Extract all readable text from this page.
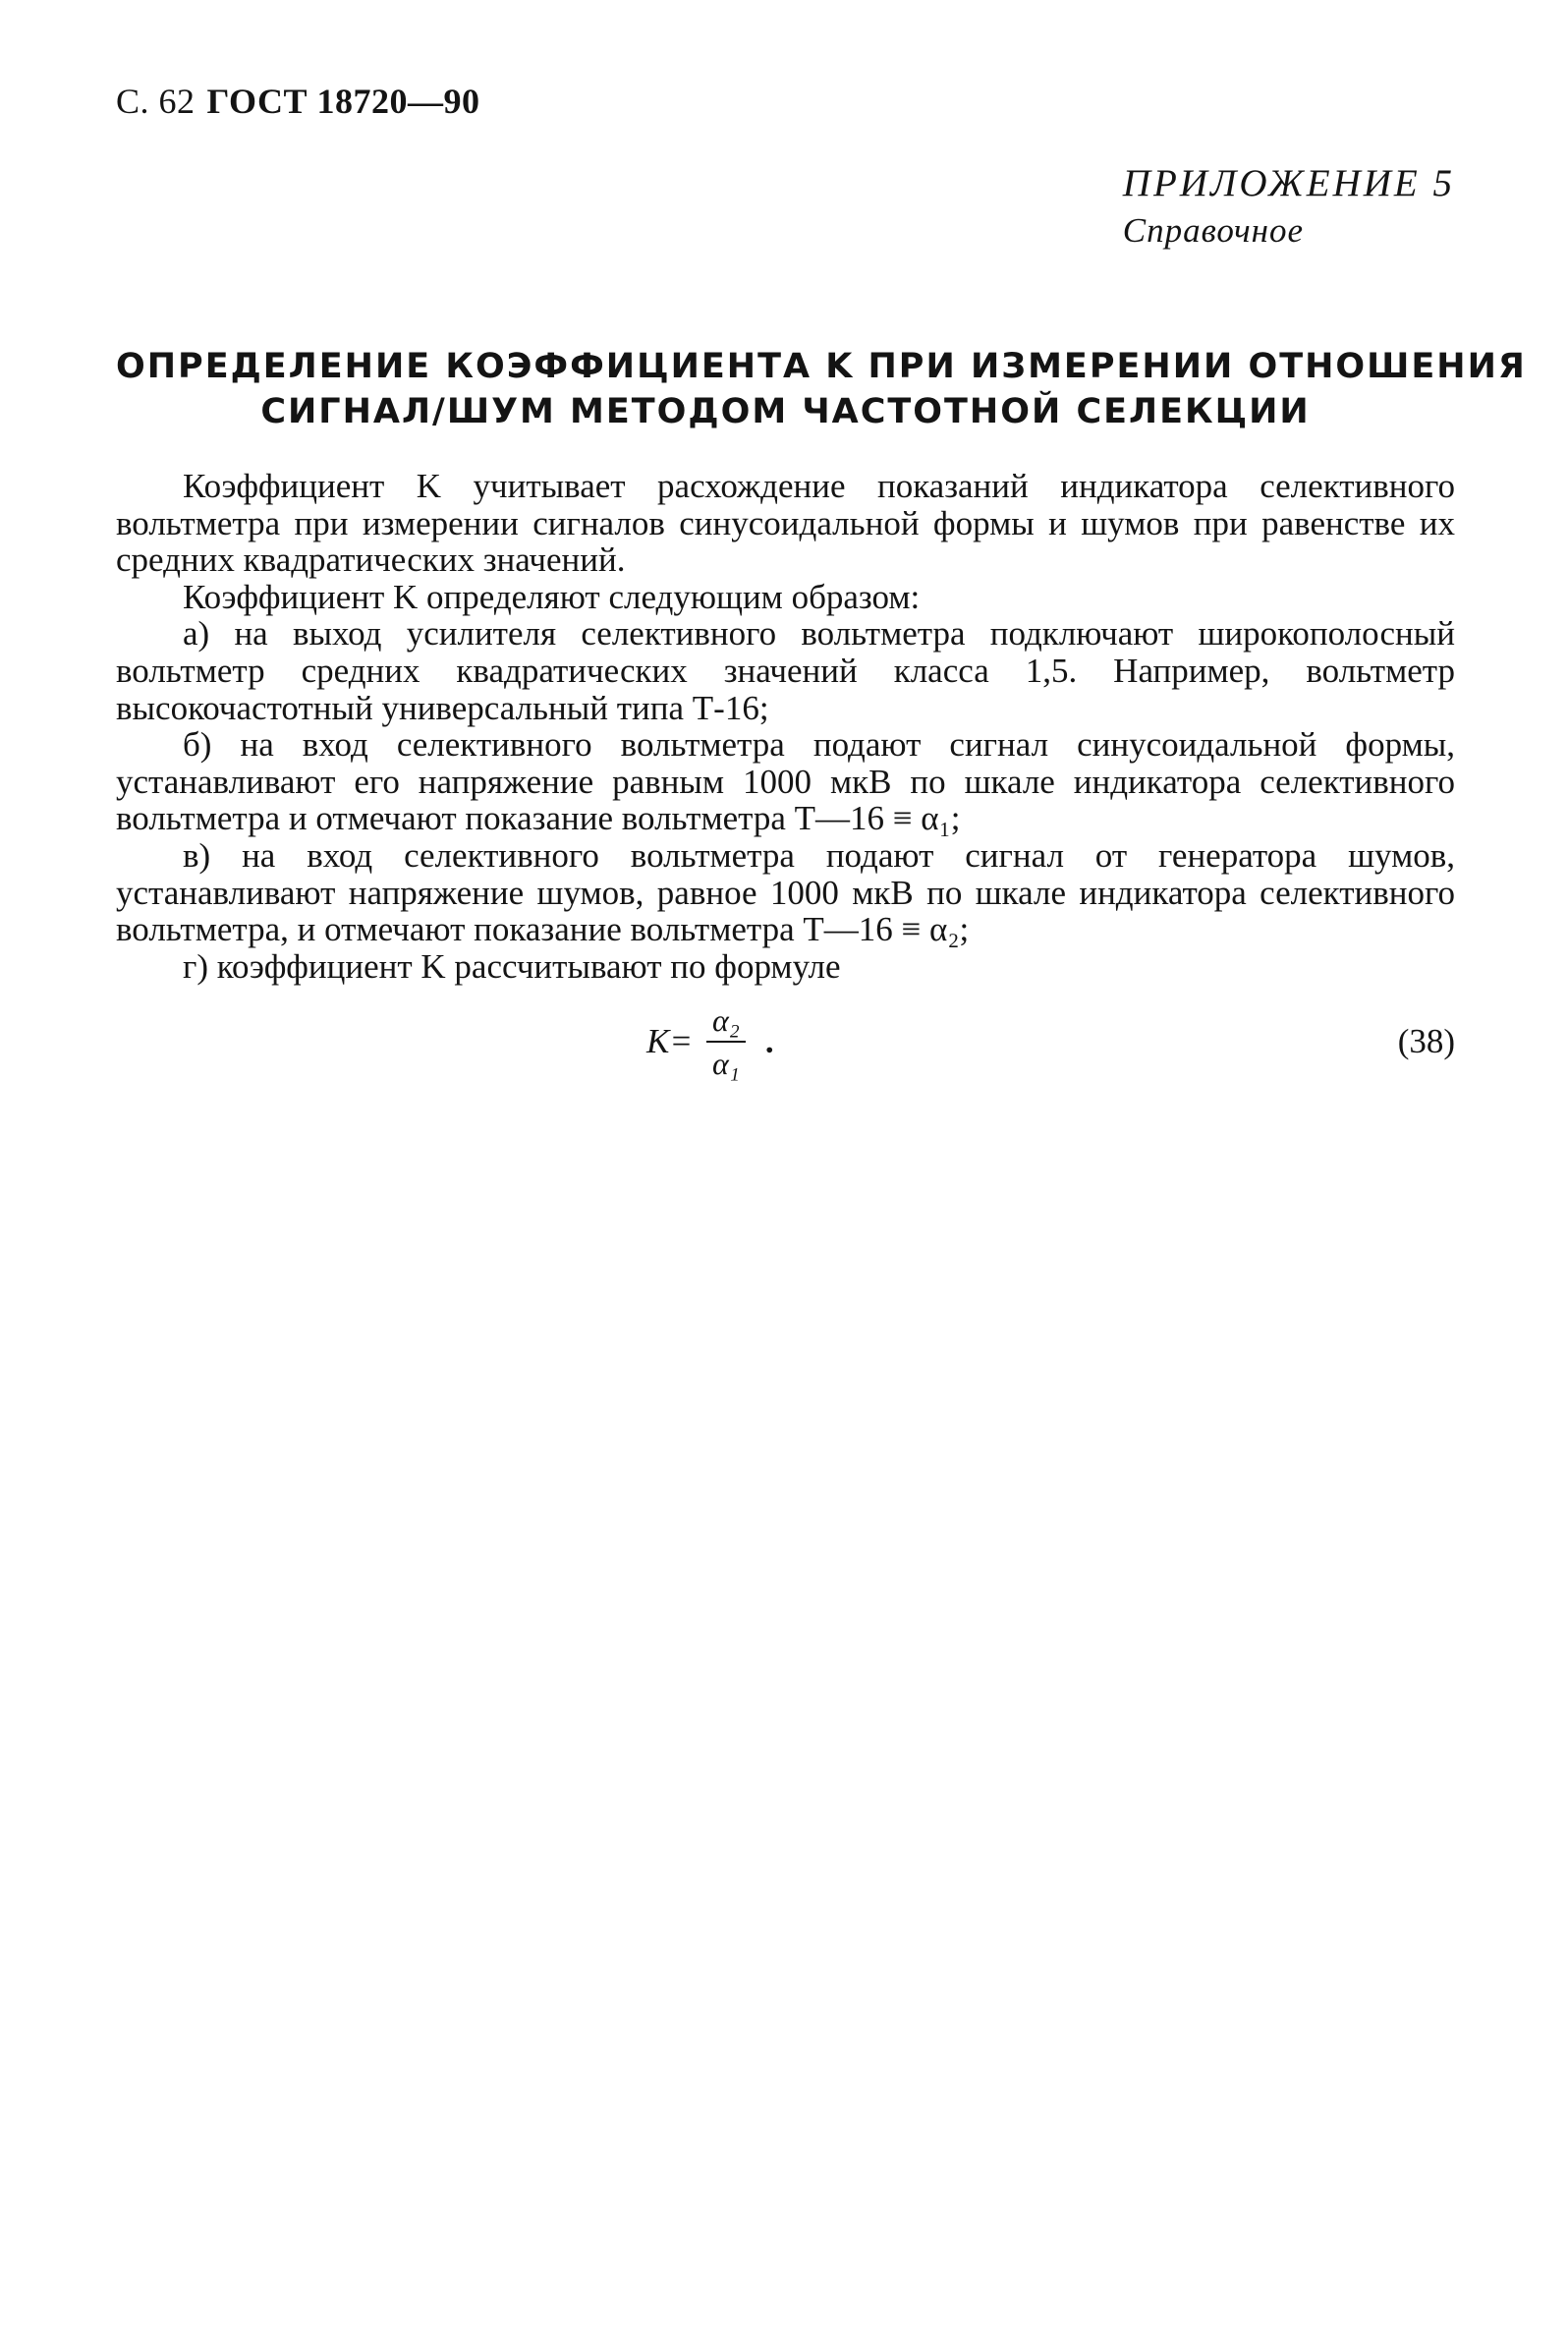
С. 62 ГОСТ 18720—90
ПРИЛОЖЕНИЕ 5
Справочное
ОПРЕДЕЛЕНИЕ КОЭФФИЦИЕНТА K ПРИ ИЗМЕРЕНИИ ОТНОШЕНИЯ
СИГНАЛ/ШУМ МЕТОДОМ ЧАСТОТНОЙ СЕЛЕКЦИИ

Коэффициент K учитывает расхождение показаний индикатора селективного вольтметра при измерении сигналов синусоидальной формы и шумов при равенстве их средних квадратических значений.

Коэффициент K определяют следующим образом:

а) на выход усилителя селективного вольтметра подключают широкополосный вольтметр средних квадратических значений класса 1,5. Например, вольтметр высокочастотный универсальный типа Т-16;

б) на вход селективного вольтметра подают сигнал синусоидальной формы, устанавливают его напряжение равным 1000 мкВ по шкале индикатора селективного вольтметра и отмечают показание вольтметра Т—16 ≡ α₁;

в) на вход селективного вольтметра подают сигнал от генератора шумов, устанавливают напряжение шумов, равное 1000 мкВ по шкале индикатора селективного вольтметра, и отмечают показание вольтметра Т—16 ≡ α₂;

г) коэффициент K рассчитывают по формуле

$K= \frac{\text{α₂}}{\text{α₁}}$ .	(38)
